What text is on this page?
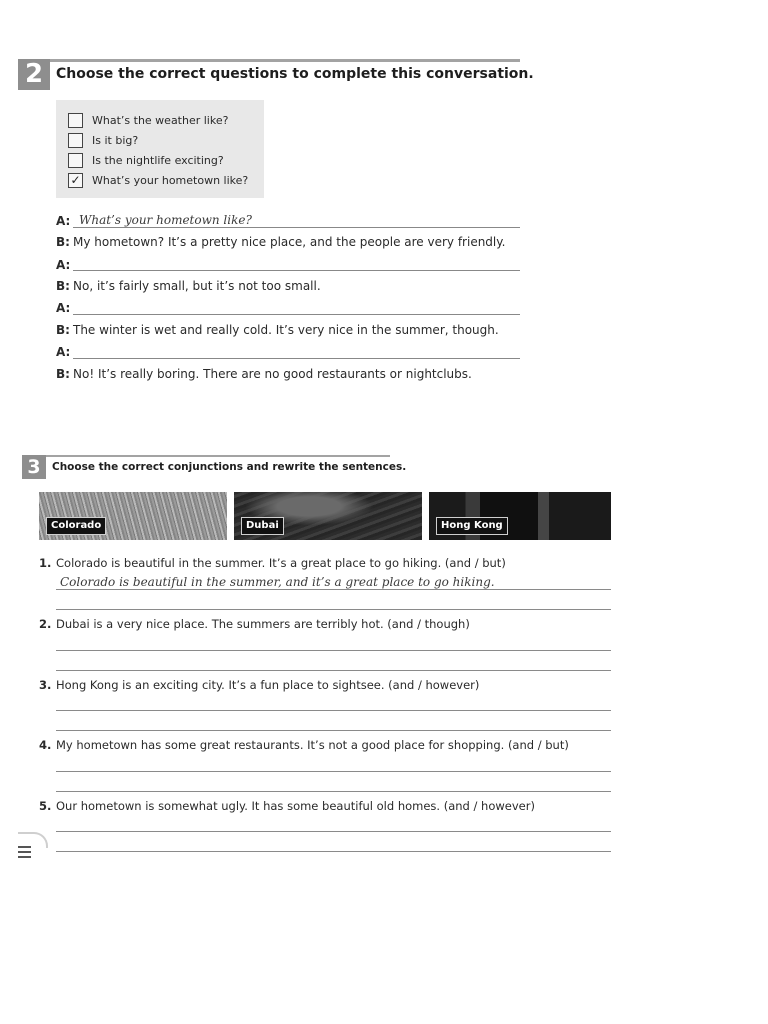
2 Choose the correct questions to complete this conversation.
What’s the weather like?
Is it big?
Is the nightlife exciting?
✓ What’s your hometown like?
A: What’s your hometown like?
B: My hometown? It’s a pretty nice place, and the people are very friendly.
A:
B: No, it’s fairly small, but it’s not too small.
A:
B: The winter is wet and really cold. It’s very nice in the summer, though.
A:
B: No! It’s really boring. There are no good restaurants or nightclubs.
3	Choose the correct conjunctions and rewrite the sentences.
Colorado	Dubai	Hong Kong
1. Colorado is beautiful in the summer. It’s a great place to go hiking. (and / but)
Colorado is beautiful in the summer, and it’s a great place to go hiking.
2. Dubai is a very nice place. The summers are terribly hot. (and / though)
3. Hong Kong is an exciting city. It’s a fun place to sightsee. (and / however)
4. My hometown has some great restaurants. It’s not a good place for shopping. (and / but)
5. Our hometown is somewhat ugly. It has some beautiful old homes. (and / however)
